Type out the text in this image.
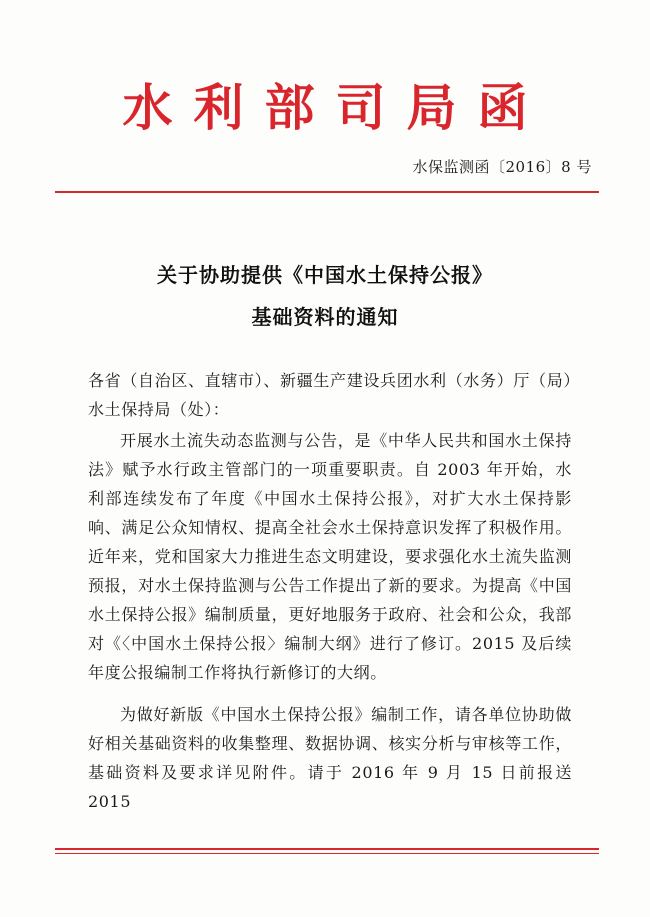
水利部司局函
水保监测函〔2016〕8 号
关于协助提供《中国水土保持公报》
基础资料的通知

各省（自治区、直辖市）、新疆生产建设兵团水利（水务）厅（局）水土保持局（处）：

开展水土流失动态监测与公告，是《中华人民共和国水土保持法》赋予水行政主管部门的一项重要职责。自 2003 年开始，水利部连续发布了年度《中国水土保持公报》，对扩大水土保持影响、满足公众知情权、提高全社会水土保持意识发挥了积极作用。近年来，党和国家大力推进生态文明建设，要求强化水土流失监测预报，对水土保持监测与公告工作提出了新的要求。为提高《中国水土保持公报》编制质量，更好地服务于政府、社会和公众，我部对《〈中国水土保持公报〉编制大纲》进行了修订。2015 及后续年度公报编制工作将执行新修订的大纲。

为做好新版《中国水土保持公报》编制工作，请各单位协助做好相关基础资料的收集整理、数据协调、核实分析与审核等工作，基础资料及要求详见附件。请于 2016 年 9 月 15 日前报送 2015
